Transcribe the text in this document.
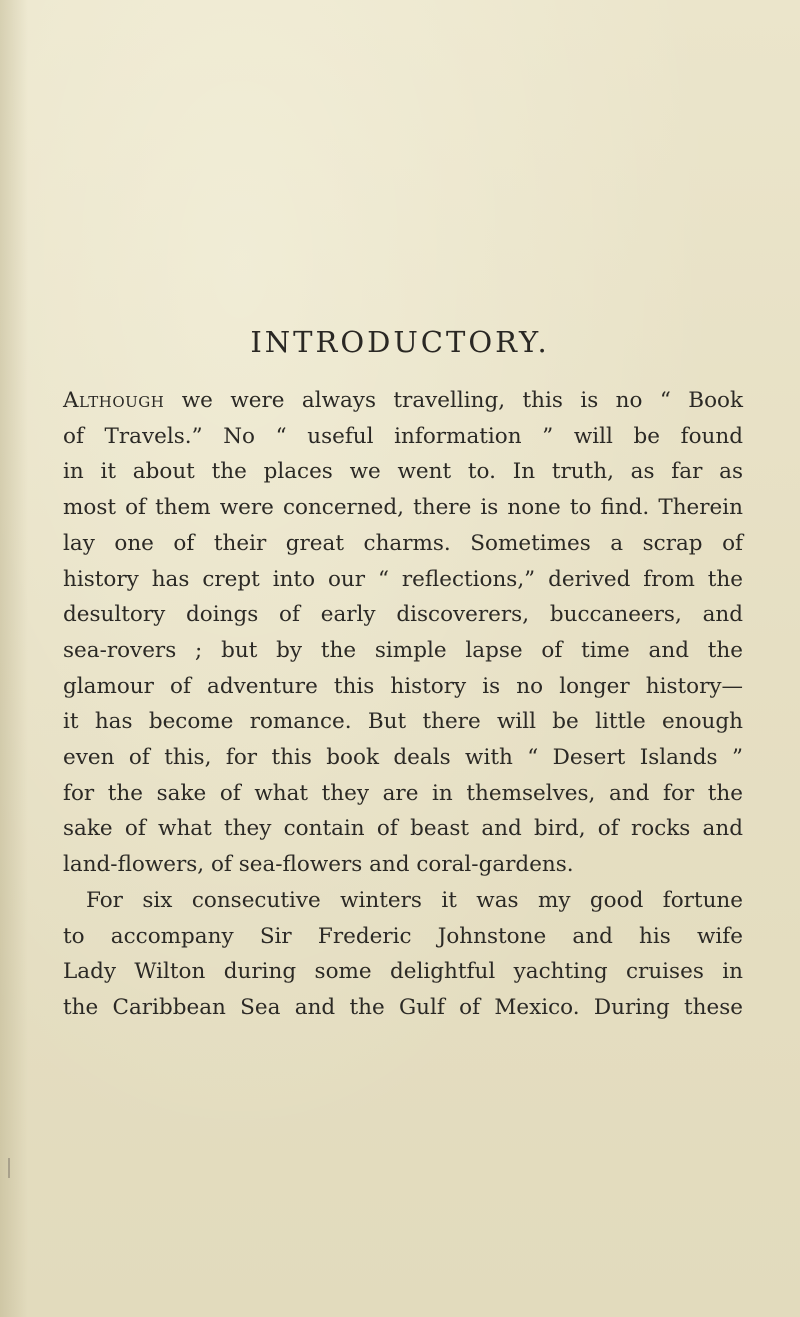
INTRODUCTORY.

Although we were always travelling, this is no “ Book

of Travels.” No “ useful information ” will be found

in it about the places we went to. In truth, as far as

most of them were concerned, there is none to find. Therein

lay one of their great charms. Sometimes a scrap of

history has crept into our “ reflections,” derived from the

desultory doings of early discoverers, buccaneers, and

sea-rovers ; but by the simple lapse of time and the

glamour of adventure this history is no longer history—

it has become romance. But there will be little enough

even of this, for this book deals with “ Desert Islands ”

for the sake of what they are in themselves, and for the

sake of what they contain of beast and bird, of rocks and

land-flowers, of sea-flowers and coral-gardens.

For six consecutive winters it was my good fortune

to accompany Sir Frederic Johnstone and his wife

Lady Wilton during some delightful yachting cruises in

the Caribbean Sea and the Gulf of Mexico. During these
